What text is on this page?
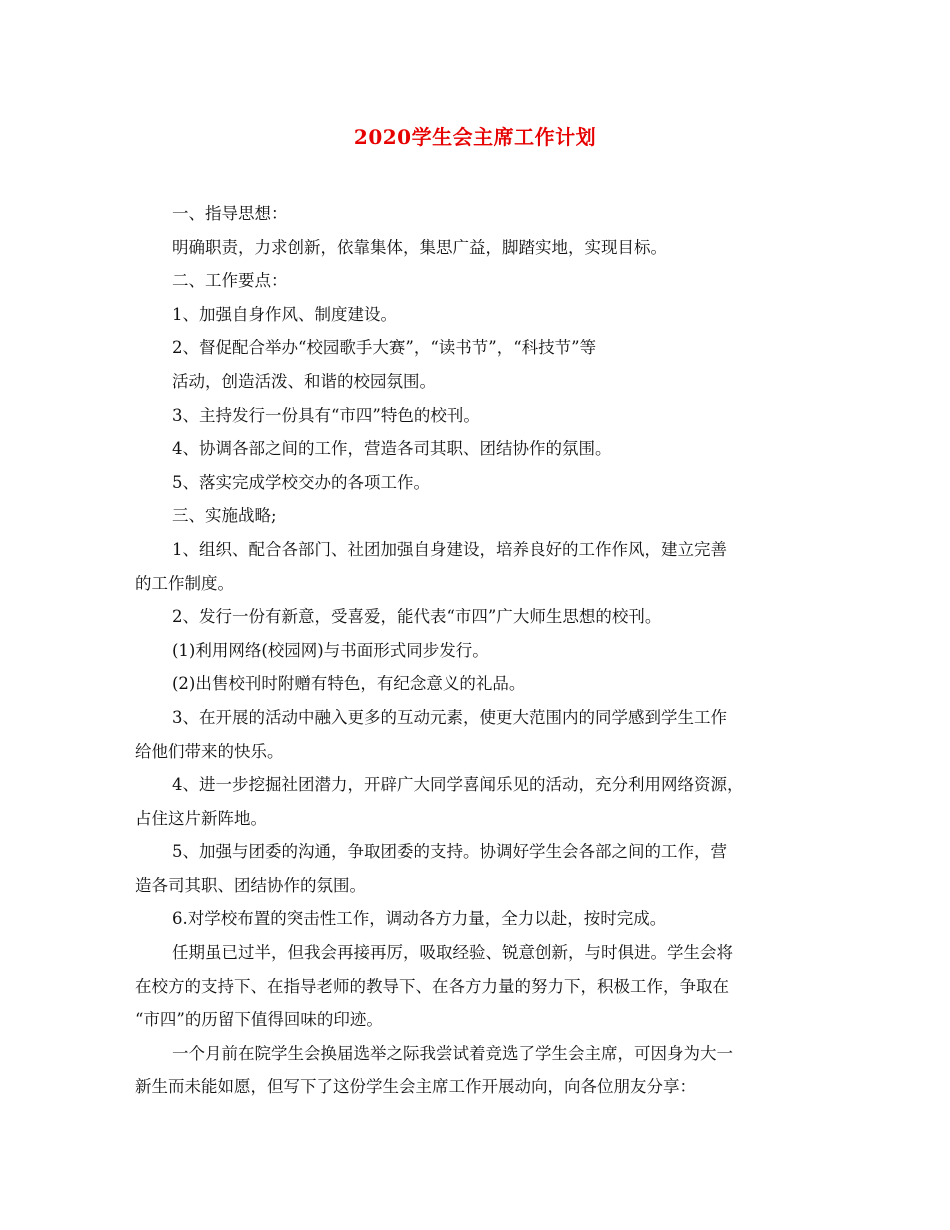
2020学生会主席工作计划

一、指导思想：

明确职责，力求创新，依靠集体，集思广益，脚踏实地，实现目标。

二、工作要点：

1、加强自身作风、制度建设。

2、督促配合举办“校园歌手大赛”，“读书节”，“科技节”等

活动，创造活泼、和谐的校园氛围。

3、主持发行一份具有“市四”特色的校刊。

4、协调各部之间的工作，营造各司其职、团结协作的氛围。

5、落实完成学校交办的各项工作。

三、实施战略;

1、组织、配合各部门、社团加强自身建设，培养良好的工作作风，建立完善

的工作制度。

2、发行一份有新意，受喜爱，能代表“市四”广大师生思想的校刊。

(1)利用网络(校园网)与书面形式同步发行。

(2)出售校刊时附赠有特色，有纪念意义的礼品。

3、在开展的活动中融入更多的互动元素，使更大范围内的同学感到学生工作

给他们带来的快乐。

4、进一步挖掘社团潜力，开辟广大同学喜闻乐见的活动，充分利用网络资源，

占住这片新阵地。

5、加强与团委的沟通，争取团委的支持。协调好学生会各部之间的工作，营

造各司其职、团结协作的氛围。

6.对学校布置的突击性工作，调动各方力量，全力以赴，按时完成。

任期虽已过半，但我会再接再厉，吸取经验、锐意创新，与时俱进。学生会将

在校方的支持下、在指导老师的教导下、在各方力量的努力下，积极工作，争取在

“市四”的历留下值得回味的印迹。

一个月前在院学生会换届选举之际我尝试着竞选了学生会主席，可因身为大一

新生而未能如愿，但写下了这份学生会主席工作开展动向，向各位朋友分享：
